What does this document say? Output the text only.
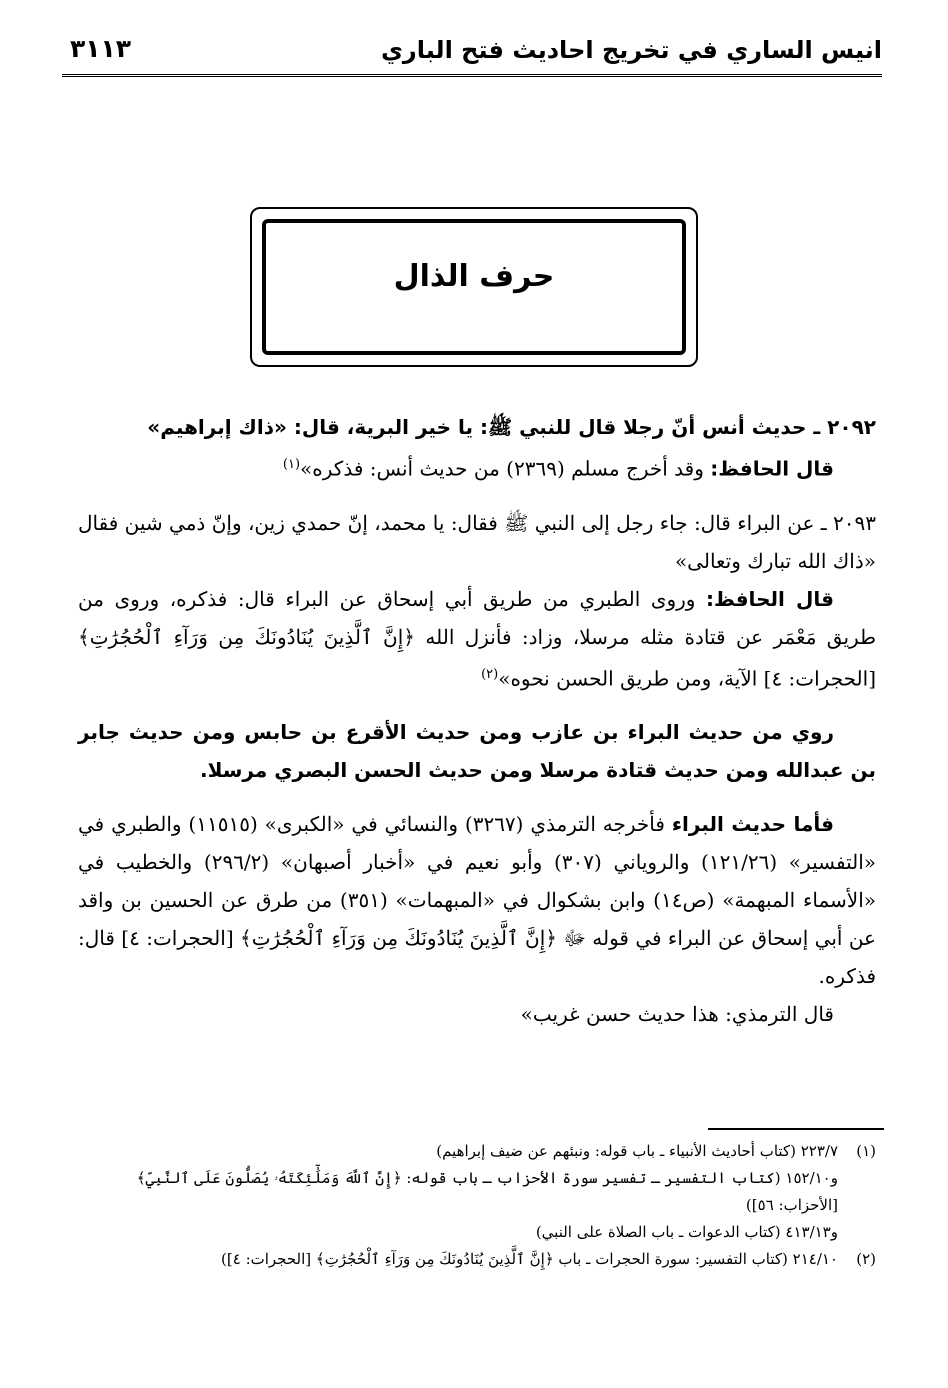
انيس الساري في تخريج احاديث فتح الباري
٣١١٣
حرف الذال

٢٠٩٢ ـ حديث أنس أنّ رجلا قال للنبي ﷺ: يا خير البرية، قال: «ذاك إبراهيم»

قال الحافظ: وقد أخرج مسلم (٢٣٦٩) من حديث أنس: فذكره»$^{(١)}$

٢٠٩٣ ـ عن البراء قال: جاء رجل إلى النبي ﷺ فقال: يا محمد، إنّ حمدي زين، وإنّ ذمي شين فقال «ذاك الله تبارك وتعالى»

قال الحافظ: وروى الطبري من طريق أبي إسحاق عن البراء قال: فذكره، وروى من طريق مَعْمَر عن قتادة مثله مرسلا، وزاد: فأنزل الله ﴿إِنَّ ٱلَّذِينَ يُنَادُونَكَ مِن وَرَآءِ ٱلْحُجُرَٰتِ﴾ [الحجرات: ٤] الآية، ومن طريق الحسن نحوه»$^{(٢)}$

روي من حديث البراء بن عازب ومن حديث الأقرع بن حابس ومن حديث جابر بن عبدالله ومن حديث قتادة مرسلا ومن حديث الحسن البصري مرسلا.

فأما حديث البراء فأخرجه الترمذي (٣٢٦٧) والنسائي في «الكبرى» (١١٥١٥) والطبري في «التفسير» (١٢١/٢٦) والروياني (٣٠٧) وأبو نعيم في «أخبار أصبهان» (٢٩٦/٢) والخطيب في «الأسماء المبهمة» (ص١٤) وابن بشكوال في «المبهمات» (٣٥١) من طرق عن الحسين بن واقد عن أبي إسحاق عن البراء في قوله ﷻ ﴿إِنَّ ٱلَّذِينَ يُنَادُونَكَ مِن وَرَآءِ ٱلْحُجُرَٰتِ﴾ [الحجرات: ٤] قال: فذكره.

قال الترمذي: هذا حديث حسن غريب»

(١)
٢٢٣/٧ (كتاب أحاديث الأنبياء ـ باب قوله: ونبئهم عن ضيف إبراهيم)
و١٥٢/١٠ (كتاب التفسير ـ تفسير سورة الأحزاب ـ باب قوله: ﴿إِنَّ ٱللَّهَ وَمَلَٰٓئِكَتَهُۥ يُصَلُّونَ عَلَى ٱلنَّبِيِّ﴾
[الأحزاب: ٥٦])
و٤١٣/١٣ (كتاب الدعوات ـ باب الصلاة على النبي)
(٢)
٢١٤/١٠ (كتاب التفسير: سورة الحجرات ـ باب ﴿إِنَّ ٱلَّذِينَ يُنَادُونَكَ مِن وَرَآءِ ٱلْحُجُرَٰتِ﴾ [الحجرات: ٤])
